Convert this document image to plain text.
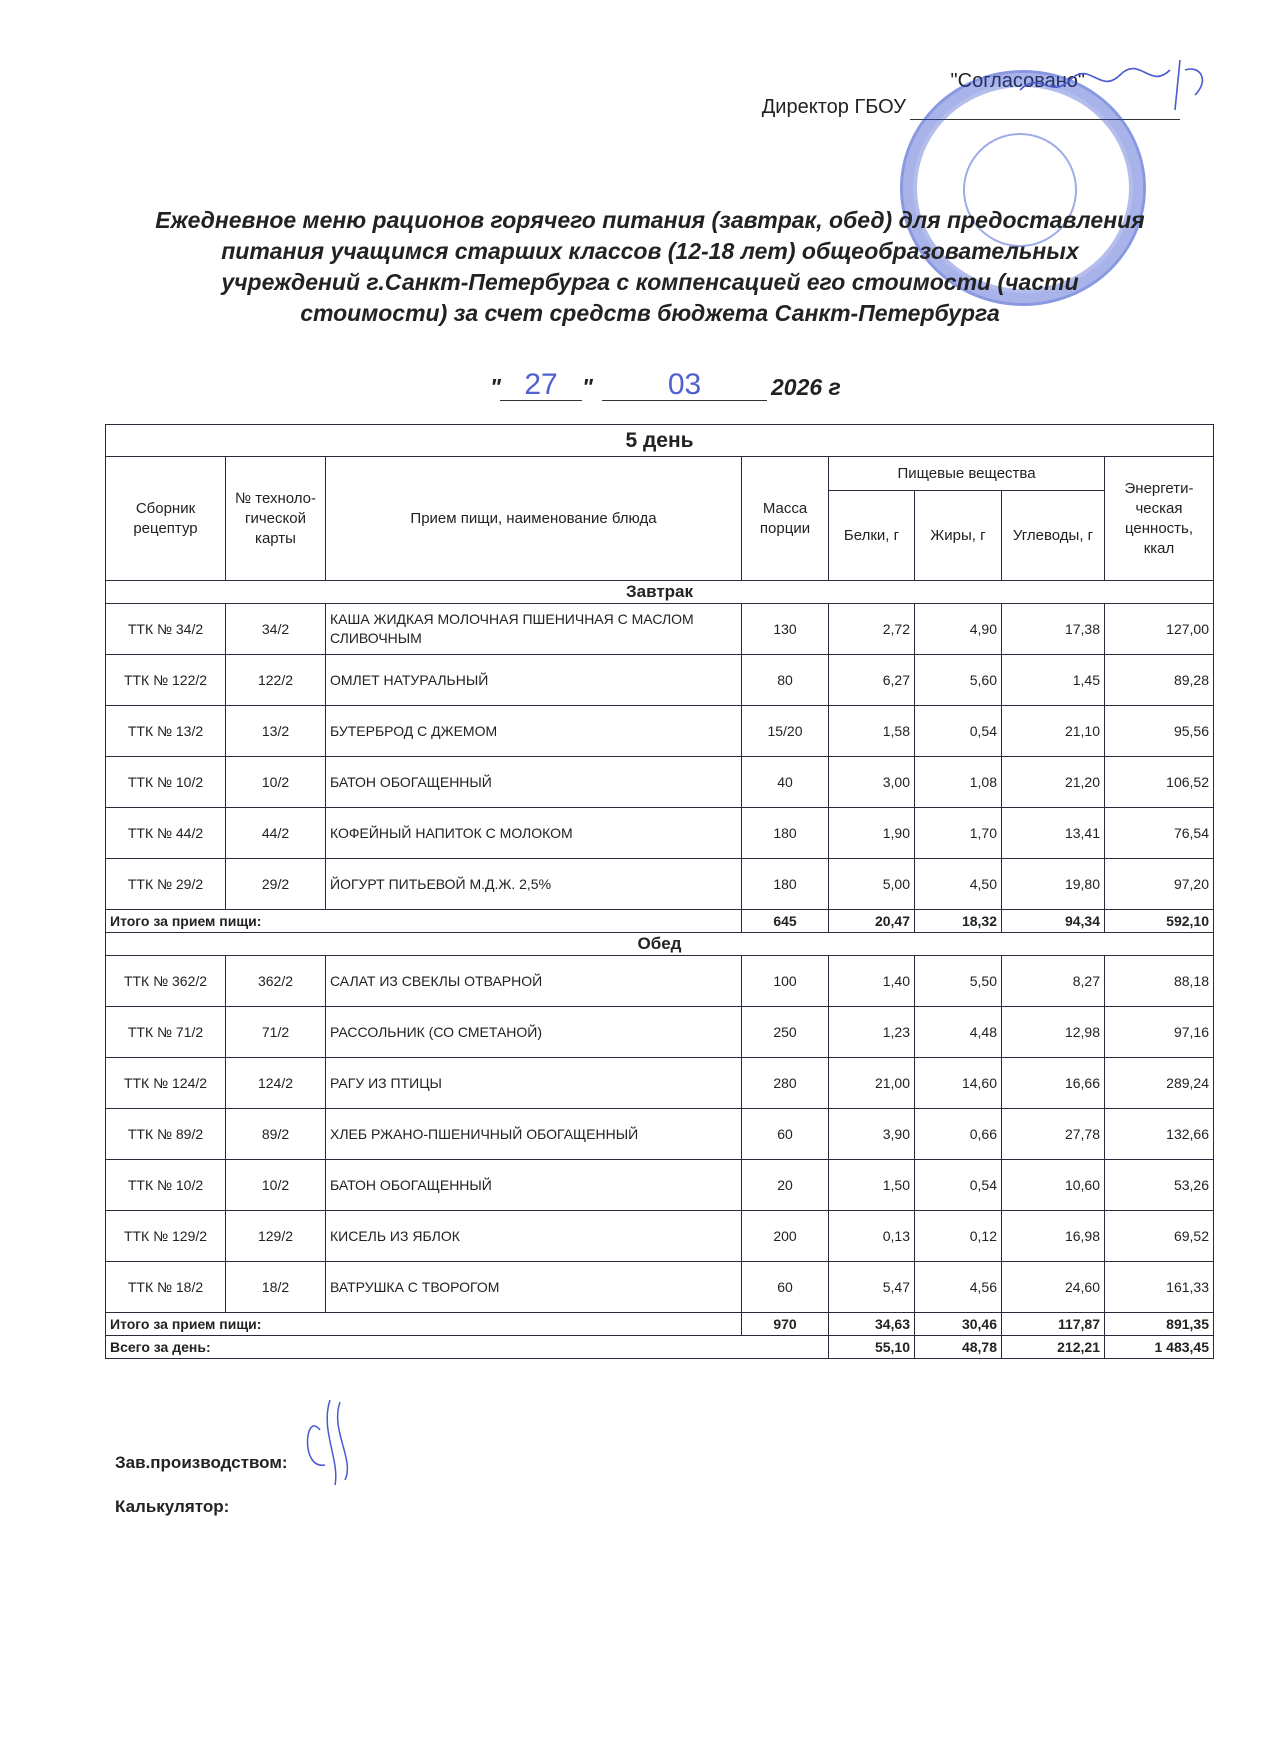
"Согласовано"
Директор ГБОУ
Ежедневное меню рационов горячего питания (завтрак, обед) для предоставления
питания учащимся старших классов (12-18 лет) общеобразовательных
учреждений г.Санкт-Петербурга с компенсацией его стоимости (части
стоимости) за счет средств бюджета Санкт-Петербурга
" 27	"	03	2026 г
5 день							
Сборник рецептур	№ техноло-гической карты	Прием пищи, наименование блюда	Масса порции	Пищевые вещества			Энергети-ческая ценность, ккал
				Белки, г	Жиры, г	Углеводы, г	
Завтрак							
ТТК № 34/2	34/2	КАША ЖИДКАЯ МОЛОЧНАЯ ПШЕНИЧНАЯ С МАСЛОМ СЛИВОЧНЫМ	130	2,72	4,90	17,38	127,00
ТТК № 122/2	122/2	ОМЛЕТ НАТУРАЛЬНЫЙ	80	6,27	5,60	1,45	89,28
ТТК № 13/2	13/2	БУТЕРБРОД С ДЖЕМОМ	15/20	1,58	0,54	21,10	95,56
ТТК № 10/2	10/2	БАТОН ОБОГАЩЕННЫЙ	40	3,00	1,08	21,20	106,52
ТТК № 44/2	44/2	КОФЕЙНЫЙ НАПИТОК С МОЛОКОМ	180	1,90	1,70	13,41	76,54
ТТК № 29/2	29/2	ЙОГУРТ ПИТЬЕВОЙ М.Д.Ж. 2,5%	180	5,00	4,50	19,80	97,20
Итого за прием пищи:			645	20,47	18,32	94,34	592,10
Обед							
ТТК № 362/2	362/2	САЛАТ ИЗ СВЕКЛЫ ОТВАРНОЙ	100	1,40	5,50	8,27	88,18
ТТК № 71/2	71/2	РАССОЛЬНИК (СО СМЕТАНОЙ)	250	1,23	4,48	12,98	97,16
ТТК № 124/2	124/2	РАГУ ИЗ ПТИЦЫ	280	21,00	14,60	16,66	289,24
ТТК № 89/2	89/2	ХЛЕБ РЖАНО-ПШЕНИЧНЫЙ ОБОГАЩЕННЫЙ	60	3,90	0,66	27,78	132,66
ТТК № 10/2	10/2	БАТОН ОБОГАЩЕННЫЙ	20	1,50	0,54	10,60	53,26
ТТК № 129/2	129/2	КИСЕЛЬ ИЗ ЯБЛОК	200	0,13	0,12	16,98	69,52
ТТК № 18/2	18/2	ВАТРУШКА С ТВОРОГОМ	60	5,47	4,56	24,60	161,33
Итого за прием пищи:			970	34,63	30,46	117,87	891,35
Всего за день:				55,10	48,78	212,21	1 483,45
Зав.производством:
Калькулятор:
